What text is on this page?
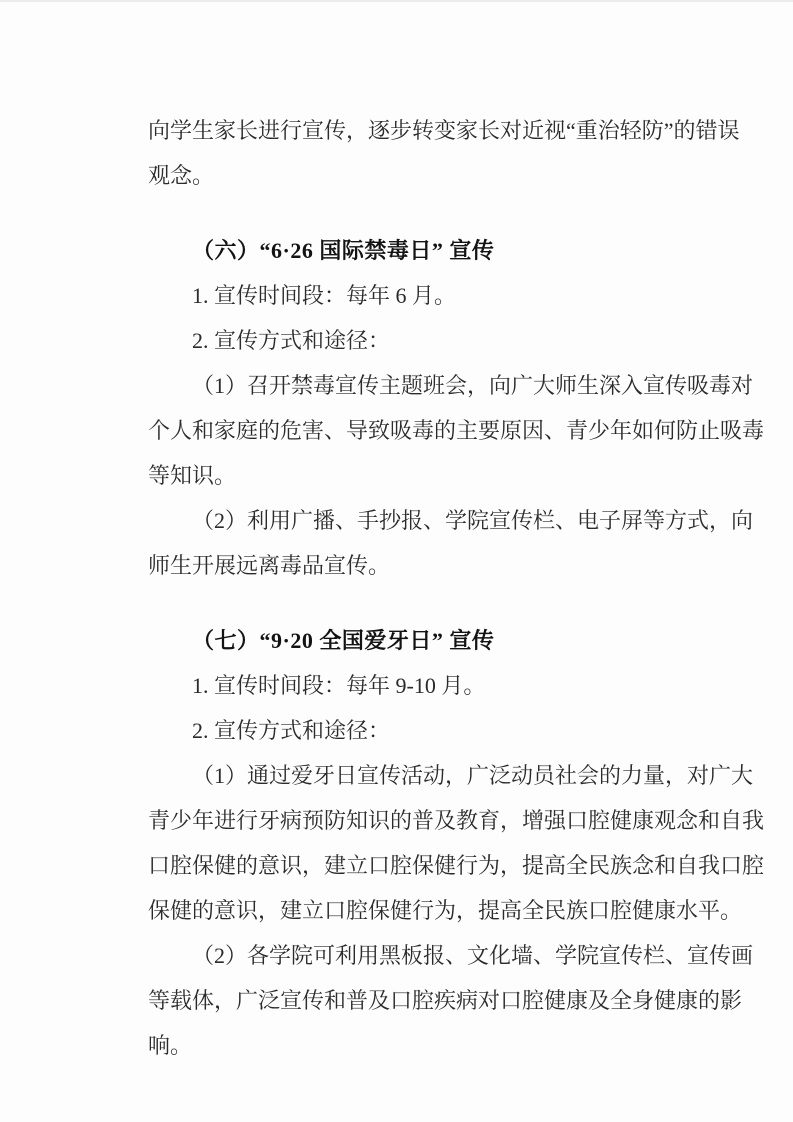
向学生家长进行宣传，逐步转变家长对近视“重治轻防”的错误
观念。
（六）“6·26 国际禁毒日” 宣传
1. 宣传时间段：每年 6 月。
2. 宣传方式和途径：
（1）召开禁毒宣传主题班会，向广大师生深入宣传吸毒对
个人和家庭的危害、导致吸毒的主要原因、青少年如何防止吸毒
等知识。
（2）利用广播、手抄报、学院宣传栏、电子屏等方式，向
师生开展远离毒品宣传。
（七）“9·20 全国爱牙日” 宣传
1. 宣传时间段：每年 9-10 月。
2. 宣传方式和途径：
（1）通过爱牙日宣传活动，广泛动员社会的力量，对广大
青少年进行牙病预防知识的普及教育，增强口腔健康观念和自我
口腔保健的意识，建立口腔保健行为，提高全民族念和自我口腔
保健的意识，建立口腔保健行为，提高全民族口腔健康水平。
（2）各学院可利用黑板报、文化墙、学院宣传栏、宣传画
等载体，广泛宣传和普及口腔疾病对口腔健康及全身健康的影
响。
